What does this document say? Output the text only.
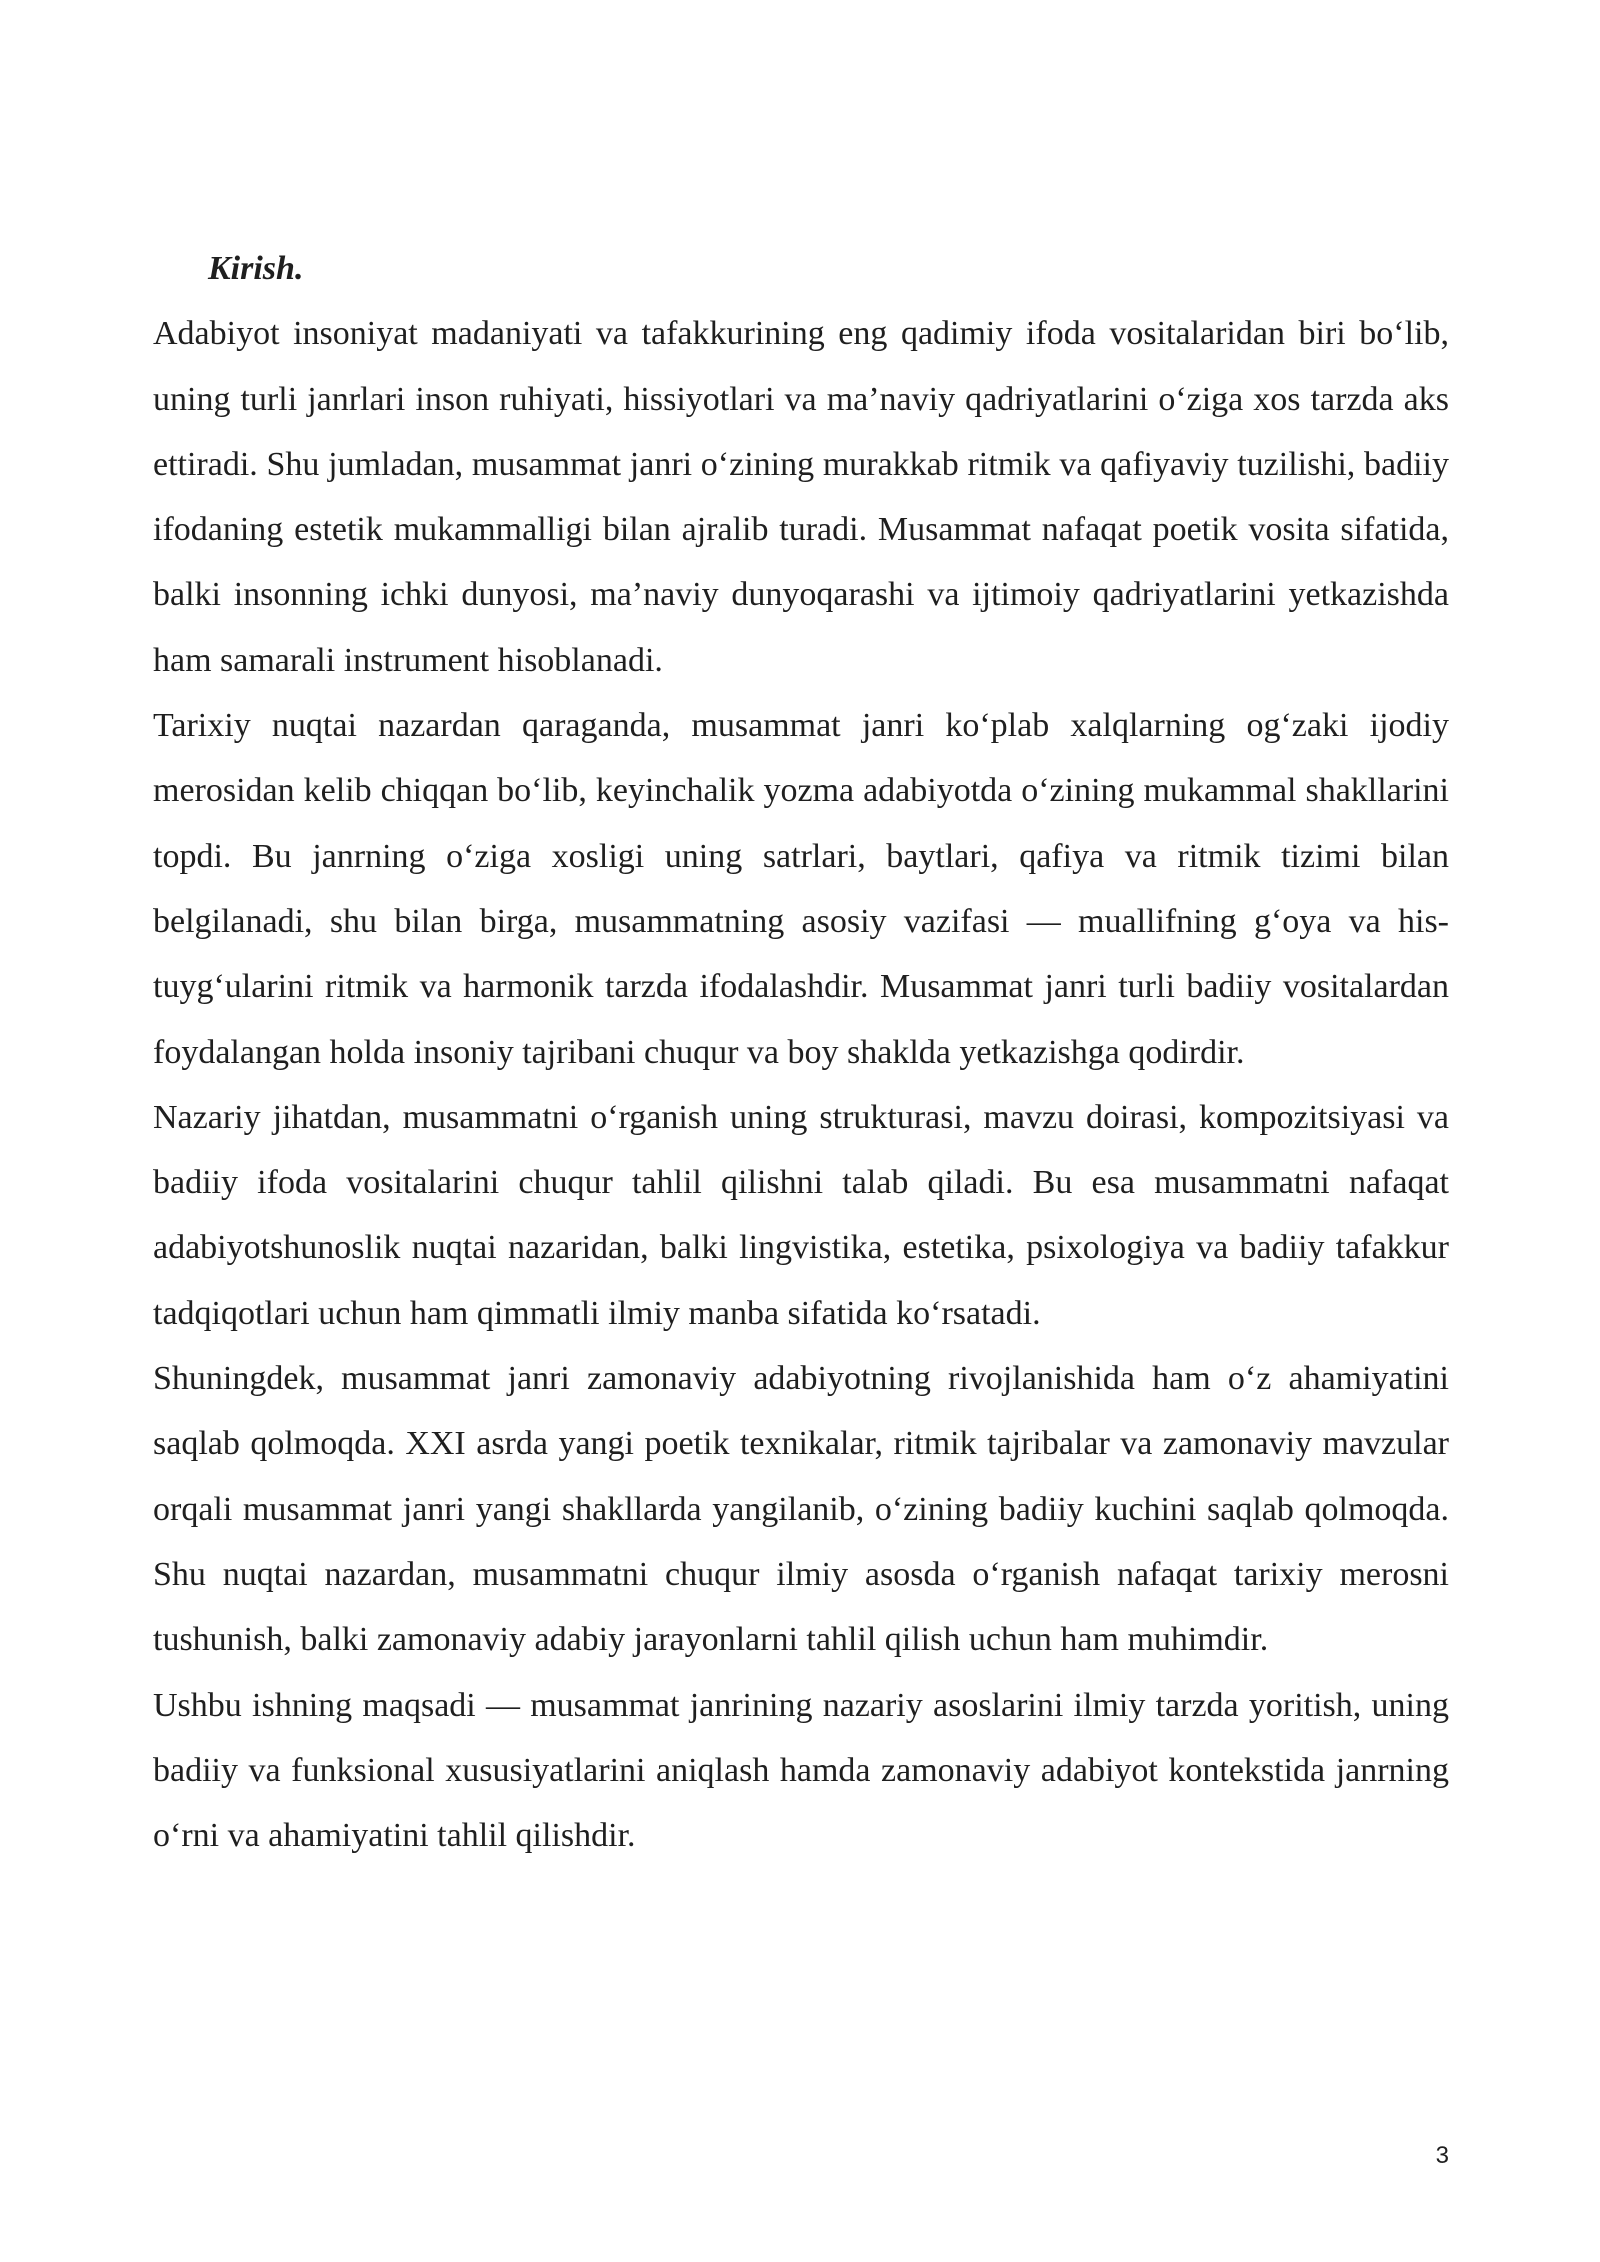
Kirish.

Adabiyot insoniyat madaniyati va tafakkurining eng qadimiy ifoda vositalaridan biri bo‘lib, uning turli janrlari inson ruhiyati, hissiyotlari va ma’naviy qadriyatlarini o‘ziga xos tarzda aks ettiradi. Shu jumladan, musammat janri o‘zining murakkab ritmik va qafiyaviy tuzilishi, badiiy ifodaning estetik mukammalligi bilan ajralib turadi. Musammat nafaqat poetik vosita sifatida, balki insonning ichki dunyosi, ma’naviy dunyoqarashi va ijtimoiy qadriyatlarini yetkazishda ham samarali instrument hisoblanadi.

Tarixiy nuqtai nazardan qaraganda, musammat janri ko‘plab xalqlarning og‘zaki ijodiy merosidan kelib chiqqan bo‘lib, keyinchalik yozma adabiyotda o‘zining mukammal shakllarini topdi. Bu janrning o‘ziga xosligi uning satrlari, baytlari, qafiya va ritmik tizimi bilan belgilanadi, shu bilan birga, musammatning asosiy vazifasi — muallifning g‘oya va his-tuyg‘ularini ritmik va harmonik tarzda ifodalashdir. Musammat janri turli badiiy vositalardan foydalangan holda insoniy tajribani chuqur va boy shaklda yetkazishga qodirdir.

Nazariy jihatdan, musammatni o‘rganish uning strukturasi, mavzu doirasi, kompozitsiyasi va badiiy ifoda vositalarini chuqur tahlil qilishni talab qiladi. Bu esa musammatni nafaqat adabiyotshunoslik nuqtai nazaridan, balki lingvistika, estetika, psixologiya va badiiy tafakkur tadqiqotlari uchun ham qimmatli ilmiy manba sifatida ko‘rsatadi.

Shuningdek, musammat janri zamonaviy adabiyotning rivojlanishida ham o‘z ahamiyatini saqlab qolmoqda. XXI asrda yangi poetik texnikalar, ritmik tajribalar va zamonaviy mavzular orqali musammat janri yangi shakllarda yangilanib, o‘zining badiiy kuchini saqlab qolmoqda. Shu nuqtai nazardan, musammatni chuqur ilmiy asosda o‘rganish nafaqat tarixiy merosni tushunish, balki zamonaviy adabiy jarayonlarni tahlil qilish uchun ham muhimdir.

Ushbu ishning maqsadi — musammat janrining nazariy asoslarini ilmiy tarzda yoritish, uning badiiy va funksional xususiyatlarini aniqlash hamda zamonaviy adabiyot kontekstida janrning o‘rni va ahamiyatini tahlil qilishdir.

3
